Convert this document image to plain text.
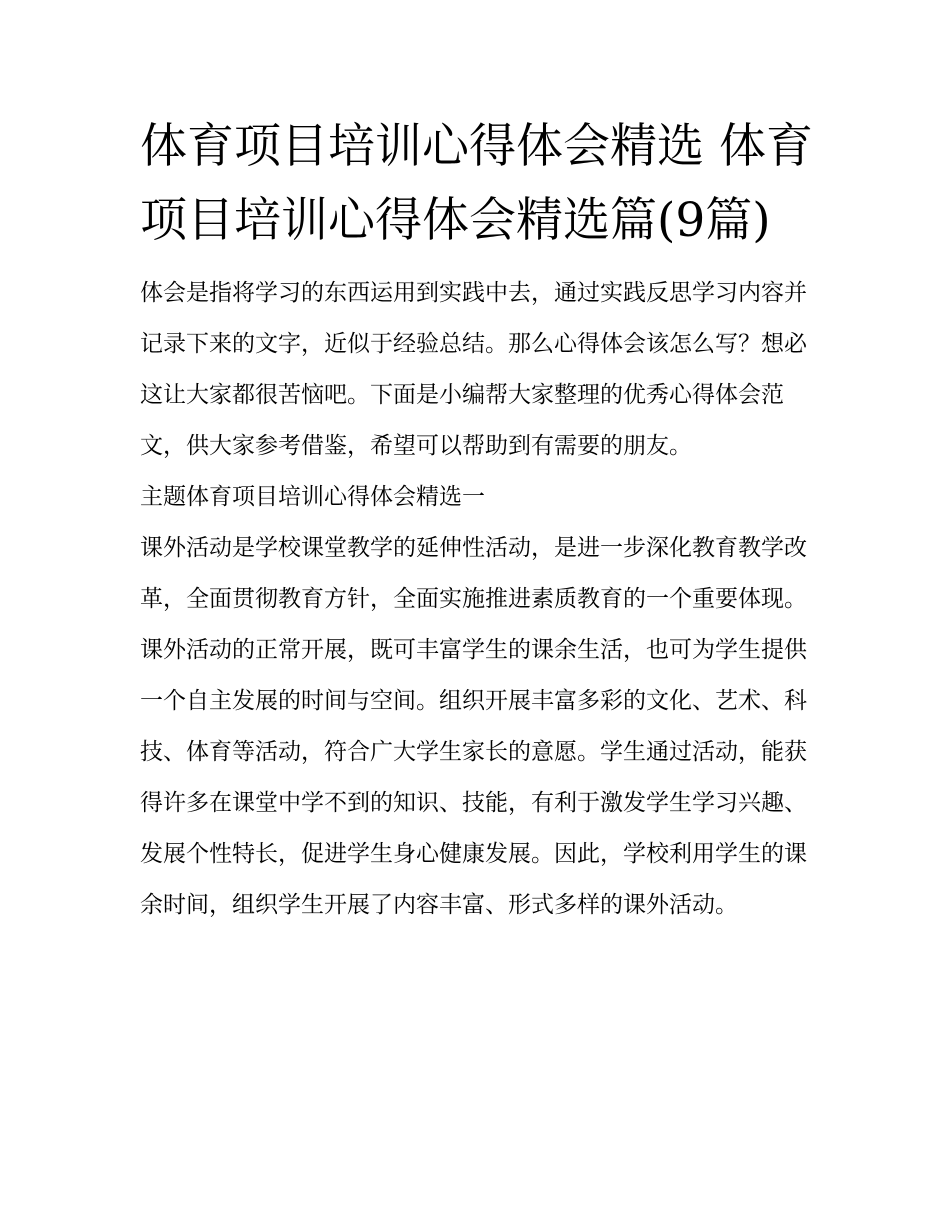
体育项目培训心得体会精选 体育项目培训心得体会精选篇(9篇)

体会是指将学习的东西运用到实践中去，通过实践反思学习内容并记录下来的文字，近似于经验总结。那么心得体会该怎么写？想必这让大家都很苦恼吧。下面是小编帮大家整理的优秀心得体会范文，供大家参考借鉴，希望可以帮助到有需要的朋友。

主题体育项目培训心得体会精选一

课外活动是学校课堂教学的延伸性活动，是进一步深化教育教学改革，全面贯彻教育方针，全面实施推进素质教育的一个重要体现。课外活动的正常开展，既可丰富学生的课余生活，也可为学生提供一个自主发展的时间与空间。组织开展丰富多彩的文化、艺术、科技、体育等活动，符合广大学生家长的意愿。学生通过活动，能获得许多在课堂中学不到的知识、技能，有利于激发学生学习兴趣、发展个性特长，促进学生身心健康发展。因此，学校利用学生的课余时间，组织学生开展了内容丰富、形式多样的课外活动。
